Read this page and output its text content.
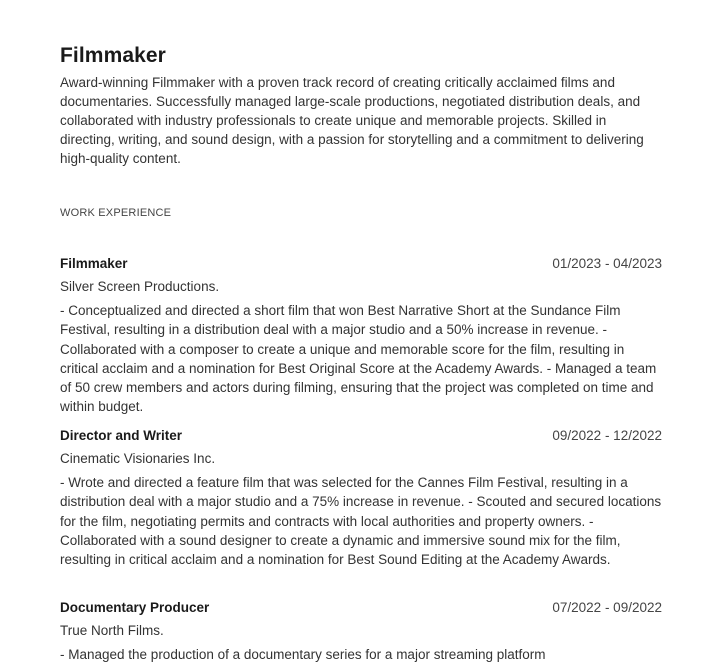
Filmmaker

Award-winning Filmmaker with a proven track record of creating critically acclaimed films and documentaries. Successfully managed large-scale productions, negotiated distribution deals, and collaborated with industry professionals to create unique and memorable projects. Skilled in directing, writing, and sound design, with a passion for storytelling and a commitment to delivering high-quality content.

WORK EXPERIENCE
Filmmaker	01/2023 - 04/2023
Silver Screen Productions.
- Conceptualized and directed a short film that won Best Narrative Short at the Sundance Film Festival, resulting in a distribution deal with a major studio and a 50% increase in revenue. - Collaborated with a composer to create a unique and memorable score for the film, resulting in critical acclaim and a nomination for Best Original Score at the Academy Awards. - Managed a team of 50 crew members and actors during filming, ensuring that the project was completed on time and within budget.
Director and Writer	09/2022 - 12/2022
Cinematic Visionaries Inc.
- Wrote and directed a feature film that was selected for the Cannes Film Festival, resulting in a distribution deal with a major studio and a 75% increase in revenue. - Scouted and secured locations for the film, negotiating permits and contracts with local authorities and property owners. - Collaborated with a sound designer to create a dynamic and immersive sound mix for the film, resulting in critical acclaim and a nomination for Best Sound Editing at the Academy Awards.
Documentary Producer	07/2022 - 09/2022
True North Films.
- Managed the production of a documentary series for a major streaming platform
